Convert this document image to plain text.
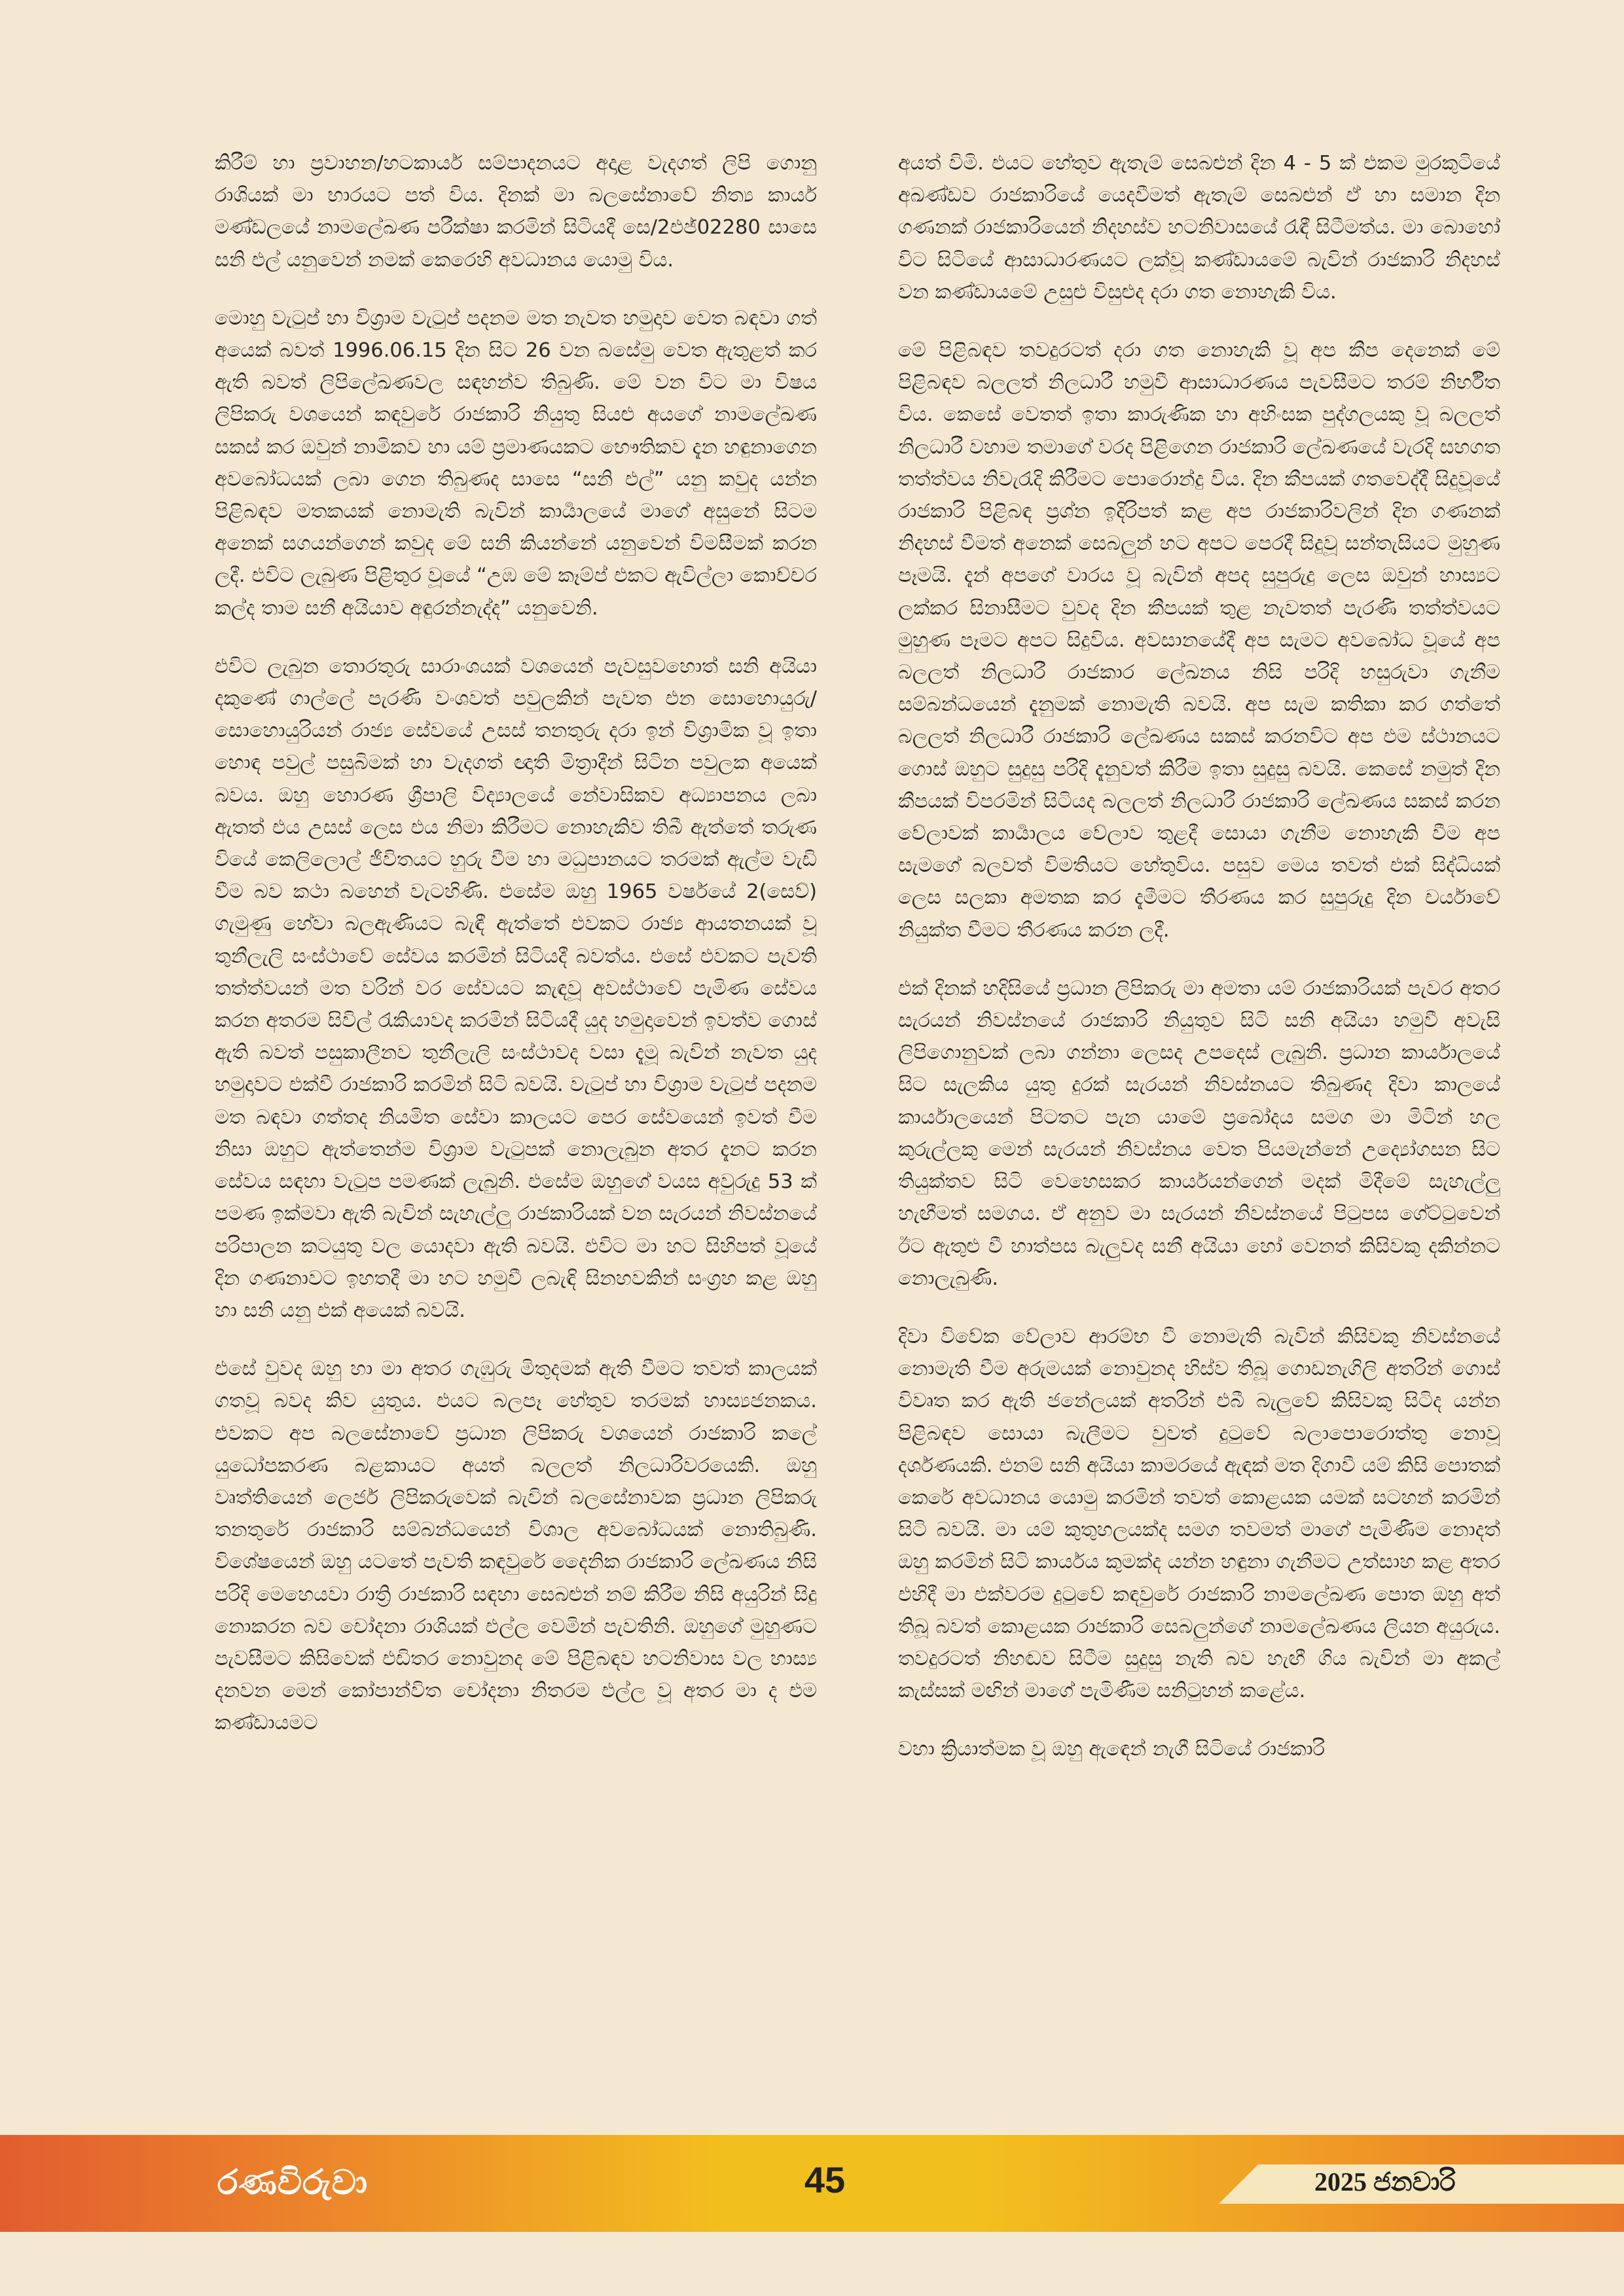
කිරීම් හා ප්‍රවාහන/හටකාර්ය සම්පාදනයට අදාළ වැදගත් ලිපි ගොනු රාශියක් මා භාරයට පත් විය. දිනක් මා බලසේනාවේ නිත්‍ය කාර්ය මණ්ඩලයේ නාමලේඛණ පරීක්ෂා කරමින් සිටියදී සෙ/2එජ්02280 සාසෙ සනි එල් යනුවෙන් නමක් කෙරෙහි අවධානය යොමු විය.

මොහු වැටුප් හා විශ්‍රාම වැටුප් පදනම මත නැවත හමුදාව වෙත බඳවා ගත් අයෙක් බවත් 1996.06.15 දින සිට 26 වන බසේමු වෙත ඇතුළත් කර ඇති බවත් ලිපිලේඛණවල සඳහන්ව තිබුණි. මේ වන විට මා විෂය ලිපිකරු වශයෙන් කඳවුරේ රාජකාරි නියුතු සියළු අයගේ නාමලේඛණ සකස් කර ඔවුන් නාමිකව හා යම් ප්‍රමාණයකට භෞතිකව දැන හඳුනාගෙන අවබෝධයක් ලබා ගෙන තිබුණද සාසෙ “සනි එල්” යනු කවුද යන්න පිළිබඳව මතකයක් නොමැති බැවින් කාර්‍යාලයේ මාගේ අසුනේ සිටම අනෙක් සගයන්ගෙන් කවුද මේ සනි කියන්නේ යනුවෙන් විමසීමක් කරන ලදී. එවිට ලැබුණ පිළිතුර වූයේ “උඹ මේ කෑම්ප් එකට ඇවිල්ලා කොච්චර කල්ද තාම සනී අයියාව අඳුරන්නැද්ද” යනුවෙනි.

එවිට ලැබුන තොරතුරු සාරාංශයක් වශයෙන් පැවසුවහොත් සනි අයියා දකුණේ ගාල්ලේ පැරණි වංශවත් පවුලකින් පැවත එන සොහොයුරු/සොහොයුරියන් රාජ්‍ය සේවයේ උසස් තනතුරු දරා ඉන් විශ්‍රාමික වූ ඉතා හොඳ පවුල් පසුබිමක් හා වැදගත් ඥාති මිත්‍රාදීන් සිටින පවුලක අයෙක් බවය. ඔහු හොරණ ශ්‍රීපාලි විද්‍යාලයේ නේවාසිකව අධ්‍යාපනය ලබා ඇතත් එය උසස් ලෙස එය නිමා කිරීමට නොහැකිව තිබී ඇත්තේ තරුණ වියේ කෙලිලොල් ජීවිතයට හුරු වීම හා මධුපානයට තරමක් ඇල්ම වැඩි වීම බව කථා බහෙන් වැටහිණි. එසේම ඔහු 1965 වර්ෂයේ 2(සෙව්) ගැමුණු හේවා බලඇණියට බැඳී ඇත්තේ එවකට රාජ්‍ය ආයතනයක් වූ තුනීලැලි සංස්ථාවේ සේවය කරමින් සිටියදී බවත්ය. එසේ එවකට පැවති තත්ත්වයන් මත වරින් වර සේවයට කැඳවූ අවස්ථාවේ පැමිණ සේවය කරන අතරම සිවිල් රැකියාවද කරමින් සිටියදී යුද හමුදාවෙන් ඉවත්ව ගොස් ඇති බවත් පසුකාලීනව තුනීලැලි සංස්ථාවද වසා දැමූ බැවින් නැවත යුද හමුදාවට එක්වී රාජකාරි කරමින් සිටි බවයි. වැටුප් හා විශ්‍රාම වැටුප් පදනම මත බඳවා ගත්තද නියමිත සේවා කාලයට පෙර සේවයෙන් ඉවත් වීම නිසා ඔහුට ඇත්තෙන්ම විශ්‍රාම වැටුපක් නොලැබුන අතර දැනට කරන සේවය සඳහා වැටුප පමණක් ලැබුනි. එසේම ඔහුගේ වයස අවුරුදු 53 ක් පමණ ඉක්මවා ඇති බැවින් සැහැල්ලු රාජකාරියක් වන සැරයන් නිවස්නයේ පරිපාලන කටයුතු වල යොදවා ඇති බවයි. එවිට මා හට සිහිපත් වූයේ දින ගණනාවට ඉහතදී මා හට හමුවී ලබැඳි සිනහවකින් සංග්‍රහ කළ ඔහු හා සනි යනු එක් අයෙක් බවයි.

එසේ වුවද ඔහු හා මා අතර ගැඹුරු මිතුදමක් ඇති වීමට තවත් කාලයක් ගතවූ බවද කිව යුතුය. එයට බලපෑ හේතුව තරමක් හාස්‍යජනකය. එවකට අප බලසේනාවේ ප්‍රධාන ලිපිකරු වශයෙන් රාජකාරි කලේ යුධෝපකරණ බළකායට අයත් බලලත් නිලධාරිවරයෙකි. ඔහු වෘත්තියෙන් ලෙජර් ලිපිකරුවෙක් බැවින් බලසේනාවක ප්‍රධාන ලිපිකරු තනතුරේ රාජකාරි සම්බන්ධයෙන් විශාල අවබෝධයක් නොතිබුණි. විශේෂයෙන් ඔහු යටතේ පැවති කඳවුරේ දෛනික රාජකාරි ලේඛණය නිසි පරිදි මෙහෙයවා රාත්‍රි රාජකාරි සඳහා සෙබළුන් නම් කිරීම නිසි අයුරින් සිදු නොකරන බව චෝදනා රාශියක් එල්ල වෙමින් පැවතිනි. ඔහුගේ මුහුණට පැවසීමට කිසිවෙක් එඩිතර නොවුනද මේ පිළිබඳව හටනිවාස වල හාස්‍ය දනවන මෙන් කෝපාන්විත චෝදනා නිතරම එල්ල වූ අතර මා ද එම කණ්ඩායමට

අයත් විමි. එයට හේතුව ඇතැම් සෙබළුන් දින 4 - 5 ක් එකම මුරකුටියේ අඛණ්ඩව රාජකාරියේ යෙදවීමත් ඇතැම් සෙබළුන් ඒ හා සමාන දින ගණනක් රාජකාරියෙන් නිදහස්ව හටනිවාසයේ රැඳී සිටීමත්ය. මා බොහෝ විට සිටියේ ආසාධාරණයට ලක්වූ කණ්ඩායමේ බැවින් රාජකාරි නිදහස් වන කණ්ඩායමේ උසුළු විසුළුද දරා ගත නොහැකි විය.

මේ පිළිබඳව තවදුරටත් දරා ගත නොහැකි වූ අප කීප දෙනෙක් මේ පිළිබඳව බලලත් නිලධාරී හමුවී ආසාධාරණය පැවසීමට තරම් නිර්භීත විය. කෙසේ වෙතත් ඉතා කාරුණික හා අහිංසක පුද්ගලයකු වූ බලලත් නිලධාරී වහාම තමාගේ වරද පිළිගෙන රාජකාරි ලේඛණයේ වැරදි සහගත තත්ත්වය නිවැරැදි කිරීමට පොරොන්දු විය. දින කීපයක් ගතවෙද්දී සිදුවූයේ රාජකාරි පිළිබඳ ප්‍රශ්න ඉදිරිපත් කළ අප රාජකාරිවලින් දින ගණනක් නිදහස් වීමත් අනෙක් සෙබලුන් හට අපට පෙරදී සිදුවූ සන්තැසියට මුහුණ පෑමයි. දැන් අපගේ වාරය වූ බැවින් අපද සුපුරුදු ලෙස ඔවුන් හාස්‍යට ලක්කර සිනාසීමට වුවද දින කීපයක් තුළ නැවතත් පැරණි තත්ත්වයට මුහුණ පෑමට අපට සිදුවිය. අවසානයේදී අප සැමට අවබෝධ වූයේ අප බලලත් නිලධාරී රාජකාර ලේඛනය නිසි පරිදි හසුරුවා ගැනීම සම්බන්ධයෙන් දැනුමක් නොමැති බවයි. අප සැම කතිකා කර ගත්තේ බලලත් නිලධාරී රාජකාරි ලේඛණය සකස් කරනවිට අප එම ස්ථානයට ගොස් ඔහුට සුදුසු පරිදි දැනුවත් කිරීම ඉතා සුදුසු බවයි. කෙසේ නමුත් දින කීපයක් විපරමින් සිටියද බලලත් නිලධාරී රාජකාරි ලේඛණය සකස් කරන වේලාවක් කාර්‍යාලය වේලාව තුළදී සොයා ගැනීම නොහැකි වීම අප සැමගේ බලවත් විමතියට හේතුවිය. පසුව මෙය තවත් එක් සිද්ධියක් ලෙස සලකා අමතක කර දැමීමට තීරණය කර සුපුරුදු දින චර්යාවේ නියුක්ත වීමට තීරණය කරන ලදී.

එක් දිනක් හදිසියේ ප්‍රධාන ලිපිකරු මා අමතා යම් රාජකාරියක් පැවර අතර සැරයන් නිවස්නයේ රාජකාරි නියුතුව සිටි සනි අයියා හමුවී අවැසි ලිපිගොනුවක් ලබා ගන්නා ලෙසද උපදෙස් ලැබුනි. ප්‍රධාන කාර්යාලයේ සිට සැලකිය යුතු දුරක් සැරයන් නිවස්නයට තිබුණද දිවා කාලයේ කාර්යාලයෙන් පිටතට පැන යාමේ ප්‍රබෝදය සමග මා මිටින් හල කුරුල්ලකු මෙන් සැරයන් නිවස්නය වෙත පියමැන්නේ උද්‍යෝගසන සිට තියුක්තව සිටි වෙහෙසකර කාර්යයන්ගෙන් මදක් මිදීමේ සැහැල්ලු හැඟීමත් සමගය. ඒ අනුව මා සැරයන් නිවස්නයේ පිටුපස ගේට්ටුවෙන් ඊට ඇතුළු වී හාත්පස බැලුවද සනී අයියා හෝ වෙනත් කිසිවකු දකින්නට නොලැබුණි.

දිවා විවේක වේලාව ආරම්භ වී නොමැති බැවින් කිසිවකු නිවස්නයේ නොමැති වීම අරුමයක් නොවුනද හිස්ව තිබූ ගොඩනැගිලි අතරින් ගොස් විවෘත කර ඇති ජනේලයක් අතරින් එබී බැලුවේ කිසිවකු සිටිද යන්න පිළිබඳව සොයා බැලීමට වුවත් දුටුවේ බලාපොරොත්තු නොවූ දර්ශණයකි. එනම් සනි අයියා කාමරයේ ඇඳක් මත දිගාවී යම් කිසි පොතක් කෙරේ අවධානය යොමු කරමින් තවත් කොළයක යමක් සටහන් කරමින් සිටි බවයි. මා යම් කුතුහලයක්ද සමග තවමත් මාගේ පැමිණීම නොදත් ඔහු කරමින් සිටි කාර්යය කුමක්ද යන්න හඳුනා ගැනීමට උත්සාහ කළ අතර එහිදී මා එක්වරම දුටුවේ කඳවුරේ රාජකාරි නාමලේඛණ පොත ඔහු අත් තිබූ බවත් කොළයක රාජකාරි සෙබලුන්ගේ නාමලේඛණය ලියන අයුරුය. තවදුරටත් නිහඬව සිටීම සුදුසු නැති බව හැඟී ගිය බැවින් මා අකල් කැස්සක් මඟින් මාගේ පැමිණීම සනිටුහන් කළේය.

වහා ක්‍රියාත්මක වූ ඔහු ඇඳෙන් නැගී සිටියේ රාජකාරි

රණවිරුවා	45	2025 ජනවාරි
